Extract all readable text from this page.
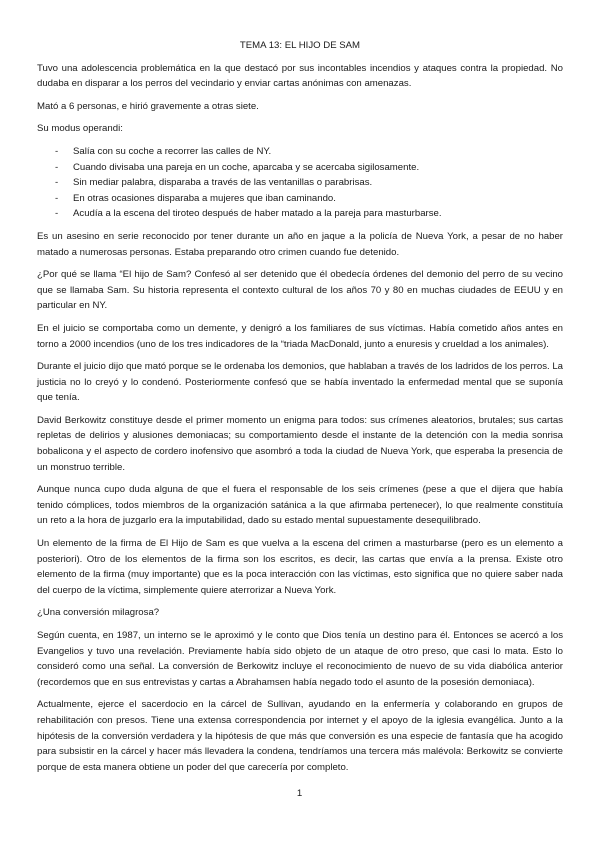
TEMA 13: EL HIJO DE SAM

Tuvo una adolescencia problemática en la que destacó por sus incontables incendios y ataques contra la propiedad. No dudaba en disparar a los perros del vecindario y enviar cartas anónimas con amenazas.

Mató a 6 personas, e hirió gravemente a otras siete.

Su modus operandi:

- Salía con su coche a recorrer las calles de NY.
- Cuando divisaba una pareja en un coche, aparcaba y se acercaba sigilosamente.
- Sin mediar palabra, disparaba a través de las ventanillas o parabrisas.
- En otras ocasiones disparaba a mujeres que iban caminando.
- Acudía a la escena del tiroteo después de haber matado a la pareja para masturbarse.

Es un asesino en serie reconocido por tener durante un año en jaque a la policía de Nueva York, a pesar de no haber matado a numerosas personas. Estaba preparando otro crimen cuando fue detenido.

¿Por qué se llama “El hijo de Sam? Confesó al ser detenido que él obedecía órdenes del demonio del perro de su vecino que se llamaba Sam. Su historia representa el contexto cultural de los años 70 y 80 en muchas ciudades de EEUU y en particular en NY.

En el juicio se comportaba como un demente, y denigró a los familiares de sus víctimas. Había cometido años antes en torno a 2000 incendios (uno de los tres indicadores de la “triada MacDonald, junto a enuresis y crueldad a los animales).

Durante el juicio dijo que mató porque se le ordenaba los demonios, que hablaban a través de los ladridos de los perros. La justicia no lo creyó y lo condenó. Posteriormente confesó que se había inventado la enfermedad mental que se suponía que tenía.

David Berkowitz constituye desde el primer momento un enigma para todos: sus crímenes aleatorios, brutales; sus cartas repletas de delirios y alusiones demoniacas; su comportamiento desde el instante de la detención con la media sonrisa bobalicona y el aspecto de cordero inofensivo que asombró a toda la ciudad de Nueva York, que esperaba la presencia de un monstruo terrible.

Aunque nunca cupo duda alguna de que el fuera el responsable de los seis crímenes (pese a que el dijera que había tenido cómplices, todos miembros de la organización satánica a la que afirmaba pertenecer), lo que realmente constituía un reto a la hora de juzgarlo era la imputabilidad, dado su estado mental supuestamente desequilibrado.

Un elemento de la firma de El Hijo de Sam es que vuelva a la escena del crimen a masturbarse (pero es un elemento a posteriori). Otro de los elementos de la firma son los escritos, es decir, las cartas que envía a la prensa. Existe otro elemento de la firma (muy importante) que es la poca interacción con las víctimas, esto significa que no quiere saber nada del cuerpo de la víctima, simplemente quiere aterrorizar a Nueva York.

¿Una conversión milagrosa?

Según cuenta, en 1987, un interno se le aproximó y le conto que Dios tenía un destino para él. Entonces se acercó a los Evangelios y tuvo una revelación. Previamente había sido objeto de un ataque de otro preso, que casi lo mata. Esto lo consideró como una señal. La conversión de Berkowitz incluye el reconocimiento de nuevo de su vida diabólica anterior (recordemos que en sus entrevistas y cartas a Abrahamsen había negado todo el asunto de la posesión demoniaca).

Actualmente, ejerce el sacerdocio en la cárcel de Sullivan, ayudando en la enfermería y colaborando en grupos de rehabilitación con presos. Tiene una extensa correspondencia por internet y el apoyo de la iglesia evangélica. Junto a la hipótesis de la conversión verdadera y la hipótesis de que más que conversión es una especie de fantasía que ha acogido para subsistir en la cárcel y hacer más llevadera la condena, tendríamos una tercera más malévola: Berkowitz se convierte porque de esta manera obtiene un poder del que carecería por completo.

1
